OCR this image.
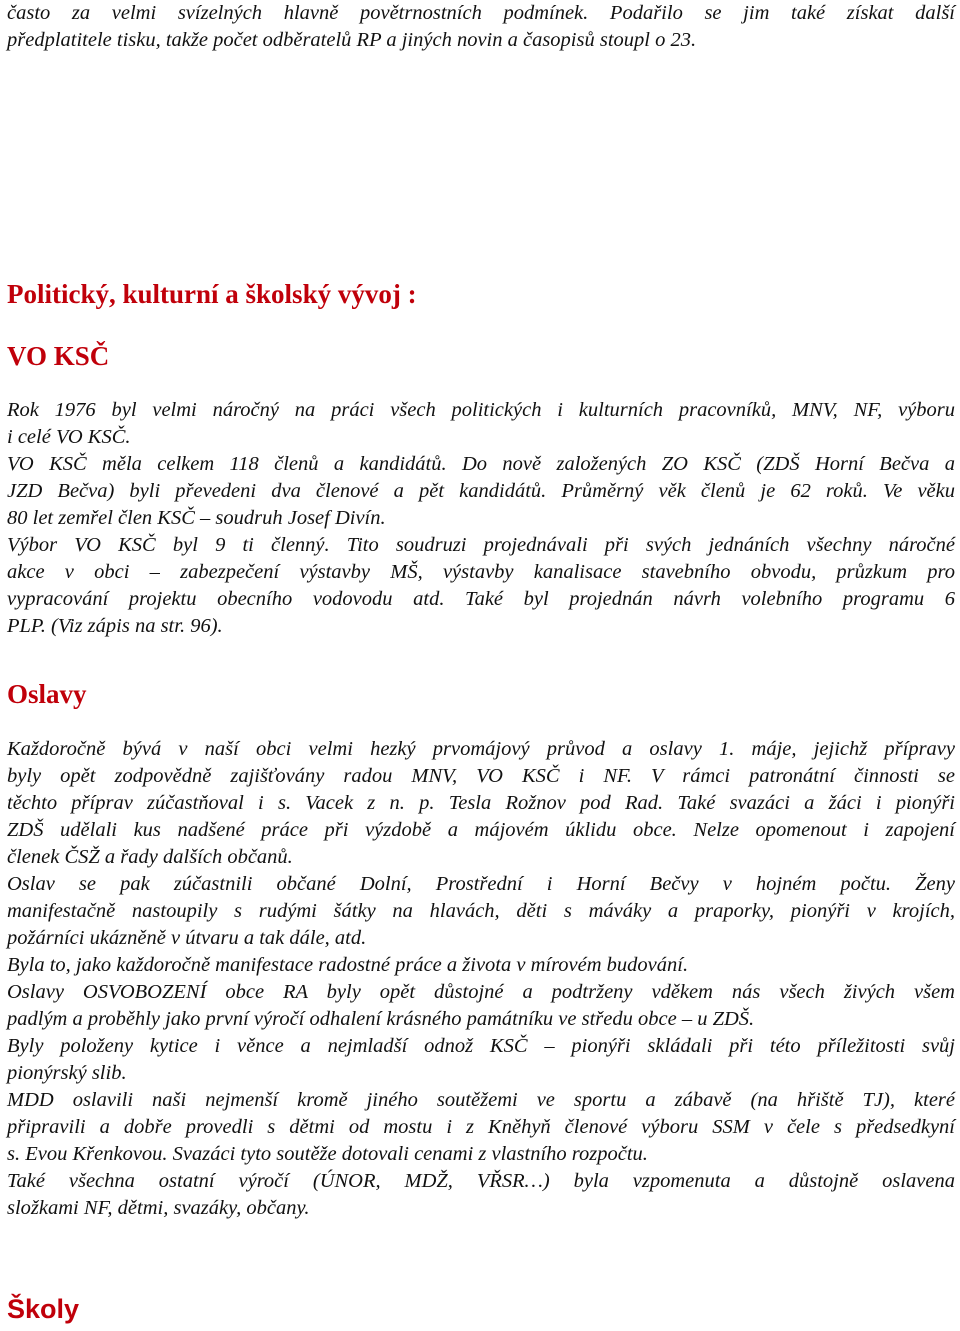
často za velmi svízelných hlavně povětrnostních podmínek. Podařilo se jim také získat další
předplatitele tisku, takže počet odběratelů RP a jiných novin a časopisů stoupl o 23.
Politický, kulturní a školský vývoj :
VO KSČ
Rok 1976 byl velmi náročný na práci všech politických i kulturních pracovníků, MNV, NF, výboru
i celé VO KSČ.
VO KSČ měla celkem 118 členů a kandidátů. Do nově založených ZO KSČ (ZDŠ Horní Bečva a
JZD Bečva) byli převedeni dva členové a pět kandidátů. Průměrný věk členů je 62 roků. Ve věku
80 let zemřel člen KSČ – soudruh Josef Divín.
Výbor VO KSČ byl 9 ti členný. Tito soudruzi projednávali při svých jednáních všechny náročné
akce v obci – zabezpečení výstavby MŠ, výstavby kanalisace stavebního obvodu, průzkum pro
vypracování projektu obecního vodovodu atd. Také byl projednán návrh volebního programu 6
PLP. (Viz zápis na str. 96).
Oslavy
Každoročně bývá v naší obci velmi hezký prvomájový průvod a oslavy 1. máje, jejichž přípravy
byly opět zodpovědně zajišťovány radou MNV, VO KSČ i NF. V rámci patronátní činnosti se
těchto příprav zúčastňoval i s. Vacek z n. p. Tesla Rožnov pod Rad. Také svazáci a žáci i pionýři
ZDŠ udělali kus nadšené práce při výzdobě a májovém úklidu obce. Nelze opomenout i zapojení
členek ČSŽ a řady dalších občanů.
Oslav se pak zúčastnili občané Dolní, Prostřední i Horní Bečvy v hojném počtu. Ženy
manifestačně nastoupily s rudými šátky na hlavách, děti s máváky a praporky, pionýři v krojích,
požárníci ukázněně v útvaru a tak dále, atd.
Byla to, jako každoročně manifestace radostné práce a života v mírovém budování.
Oslavy OSVOBOZENÍ obce RA byly opět důstojné a podtrženy vděkem nás všech živých všem
padlým a proběhly jako první výročí odhalení krásného památníku ve středu obce – u ZDŠ.
Byly položeny kytice i věnce a nejmladší odnož KSČ – pionýři skládali při této příležitosti svůj
pionýrský slib.
MDD oslavili naši nejmenší kromě jiného soutěžemi ve sportu a zábavě (na hřiště TJ), které
připravili a dobře provedli s dětmi od mostu i z Kněhyň členové výboru SSM v čele s předsedkyní
s. Evou Křenkovou. Svazáci tyto soutěže dotovali cenami z vlastního rozpočtu.
Také všechna ostatní výročí (ÚNOR, MDŽ, VŘSR…) byla vzpomenuta a důstojně oslavena
složkami NF, dětmi, svazáky, občany.
Školy
